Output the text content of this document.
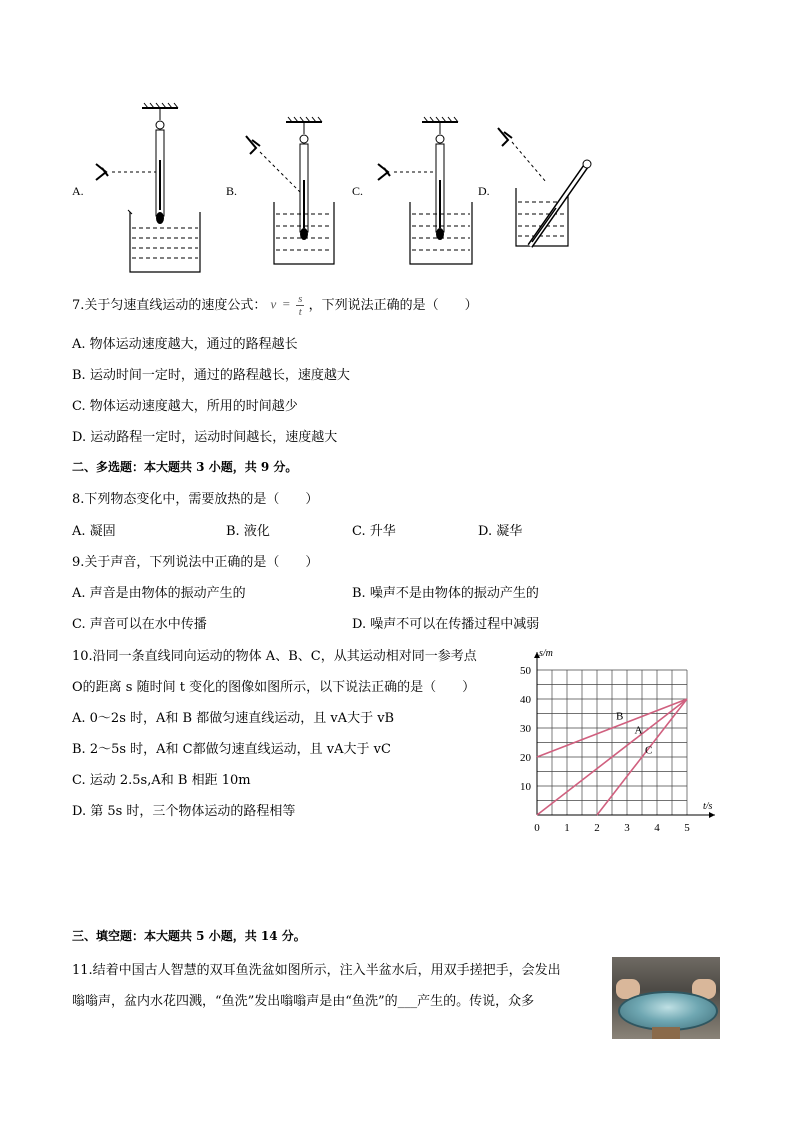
A.	B.	C.	D.
7.关于匀速直线运动的速度公式： $v = \frac{s}{t}$ ，下列说法正确的是（　　）
A. 物体运动速度越大，通过的路程越长
B. 运动时间一定时，通过的路程越长，速度越大
C. 物体运动速度越大，所用的时间越少
D. 运动路程一定时，运动时间越长，速度越大
二、多选题：本大题共 3 小题，共 9 分。
8.下列物态变化中，需要放热的是（　　）
A. 凝固	B. 液化	C. 升华	D. 凝华
9.关于声音，下列说法中正确的是（　　）
A. 声音是由物体的振动产生的	B. 噪声不是由物体的振动产生的
C. 声音可以在水中传播	D. 噪声不可以在传播过程中减弱
10.沿同一条直线同向运动的物体 A、B、C，从其运动相对同一参考点
O的距离 s 随时间 t 变化的图像如图所示，以下说法正确的是（　　）
A. 0～2s 时，A和 B 都做匀速直线运动，且 vA大于 vB
B. 2～5s 时，A和 C都做匀速直线运动，且 vA大于 vC
C. 运动 2.5s,A和 B 相距 10m
D. 第 5s 时，三个物体运动的路程相等
s/m
t/s
0 1 2 3 4 5
10
20
30
40
50
A
B
C
三、填空题：本大题共 5 小题，共 14 分。
11.结着中国古人智慧的双耳鱼洗盆如图所示，注入半盆水后，用双手搓把手，会发出
嗡嗡声，盆内水花四溅，“鱼洗”发出嗡嗡声是由“鱼洗”的___产生的。传说，众多
